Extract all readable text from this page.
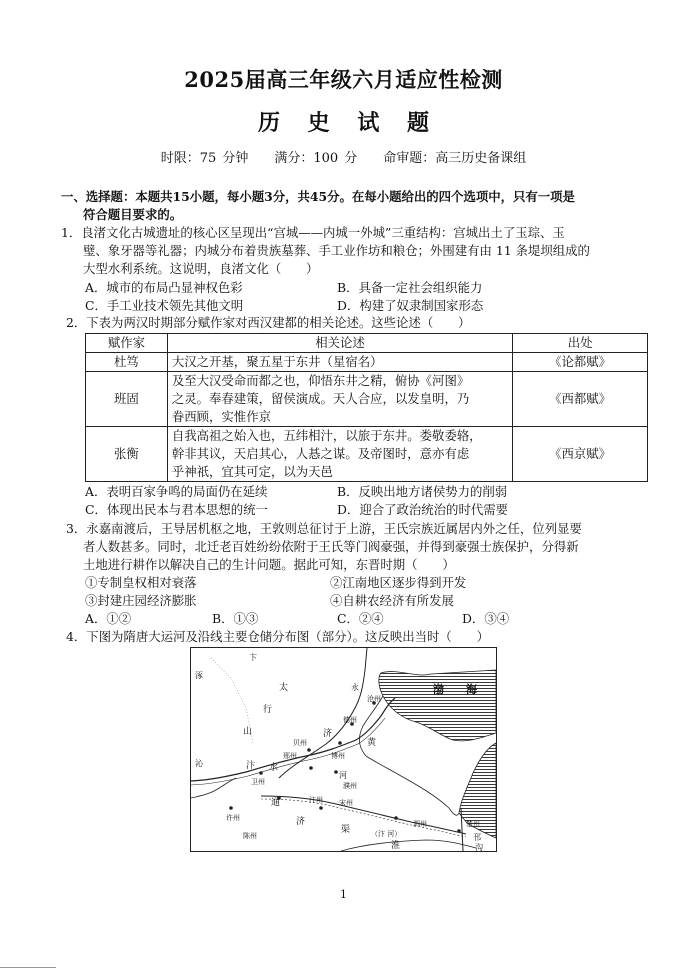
2025届高三年级六月适应性检测
历 史 试 题
时限：75 分钟　　满分：100 分　　命审题：高三历史备课组
一、选择题：本题共15小题，每小题3分，共45分。在每小题给出的四个选项中，只有一项是
符合题目要求的。
1．良渚文化古城遗址的核心区呈现出“宫城——内城一外城”三重结构：宫城出土了玉琮、玉
璧、象牙器等礼器；内城分布着贵族墓葬、手工业作坊和粮仓；外围建有由 11 条堤坝组成的
大型水利系统。这说明，良渚文化（　　）
A．城市的布局凸显神权色彩	B．具备一定社会组织能力
C．手工业技术领先其他文明	D．构建了奴隶制国家形态
2．下表为两汉时期部分赋作家对西汉建都的相关论述。这些论述（　　）
赋作家	相关论述	出处
杜笃	大汉之开基，聚五星于东井（星宿名）	《论都赋》
班固	及至大汉受命而都之也，仰悟东井之精，俯协《河图》
之灵。奉春建策，留侯演成。天人合应，以发皇明，乃
眷西顾，实惟作京	《西都赋》
张衡	自我高祖之始入也，五纬相汁，以旅于东井。娄敬委辂，
幹非其议，天启其心，人惎之谋。及帝图时，意亦有虑
乎神祇，宜其可定，以为天邑	《西京赋》
A．表明百家争鸣的局面仍在延续	B．反映出地方诸侯势力的削弱
C．体现出民本与君本思想的统一	D．迎合了政治统治的时代需要
3．永嘉南渡后，王导居机枢之地，王敦则总征讨于上游，王氏宗族近属居内外之任，位列显要
者人数甚多。同时，北迁老百姓纷纷依附于王氏等门阀豪强，并得到豪强士族保护，分得新
土地进行耕作以解决自己的生计问题。据此可知，东晋时期（　　）
①专制皇权相对衰落	②江南地区逐步得到开发
③封建庄园经济膨胀	④自耕农经济有所发展
A．①②	B．①③	C．②④	D．③④
4．下图为隋唐大运河及沿线主要仓储分布图（部分）。这反映出当时（　　）
渤　　海
太
行
山
汴 水
济
黄
河
永
通
济
渠
宋州
汴州
许州
陈州
卫州
贝州
邢州
沧州
德州
博州
濮州
淮
楚州
泗州
（汴 河）	邗
沁
沟
卞
涿
1
